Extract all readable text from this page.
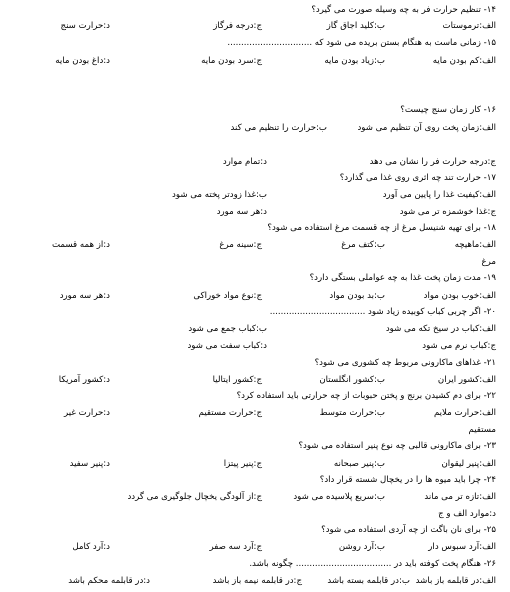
۱۴- تنظیم حرارت فر به چه وسیله صورت می گیرد؟
الف:ترموستات
ب:کلید اجاق گاز
ج:درجه فرگاز
د:حرارت سنج
۱۵- زمانی ماست به هنگام بستن بریده می شود که ...............................
الف:کم بودن مایه
ب:زیاد بودن مایه
ج:سرد بودن مایه
د:داغ بودن مایه
۱۶- کار زمان سنج چیست؟
الف:زمان پخت روی آن تنظیم می شود
ب:حرارت را تنظیم می کند
ج:درجه حرارت فر را نشان می دهد
د:تمام موارد
۱۷- حرارت تند چه اثری روی غذا می گذارد؟
الف:کیفیت غذا را پایین می آورد
ب:غذا زودتر پخته می شود
ج:غذا خوشمزه تر می شود
د:هر سه مورد
۱۸- برای تهیه شنیسل مرغ از چه قسمت مرغ استفاده می شود؟
الف:ماهیچه
ب:کتف مرغ
ج:سینه مرغ
د:از همه قسمت
مرغ
۱۹- مدت زمان پخت غذا به چه عواملی بستگی دارد؟
الف:خوب بودن مواد
ب:بد بودن مواد
ج:نوع مواد خوراکی
د:هر سه مورد
۲۰- اگر چربی کباب کوبیده زیاد شود ...................................
الف:کباب در سیخ تکه می شود
ب:کباب جمع می شود
ج:کباب نرم می شود
د:کباب سفت می شود
۲۱- غذاهای ماکارونی مربوط چه کشوری می شود؟
الف:کشور ایران
ب:کشور انگلستان
ج:کشور ایتالیا
د:کشور آمریکا
۲۲- برای دم کشیدن برنج و پختن حبوبات از چه حرارتی باید استفاده کرد؟
الف:حرارت ملایم
ب:حرارت متوسط
ج:حرارت مستقیم
د:حرارت غیر
مستقیم
۲۳- برای ماکارونی قالبی چه نوع پنیر استفاده می شود؟
الف:پنیر لیقوان
ب:پنیر صبحانه
ج:پنیر پیتزا
د:پنیر سفید
۲۴- چرا باید میوه ها را در یخچال شسته قرار داد؟
الف:تازه تر می ماند
ب:سریع پلاسیده می شود
ج:از آلودگی یخچال جلوگیری می گردد
د:موارد الف و ج
۲۵- برای نان باگت از چه آردی استفاده می شود؟
الف:آرد سبوس دار
ب:آرد روشن
ج:آرد سه صفر
د:آرد کامل
۲۶- هنگام پخت کوفته باید در ................................... چگونه باشد.
الف:در قابلمه باز باشد
ب:در قابلمه بسته باشد
ج:در قابلمه نیمه باز باشد
د:در قابلمه محکم باشد
